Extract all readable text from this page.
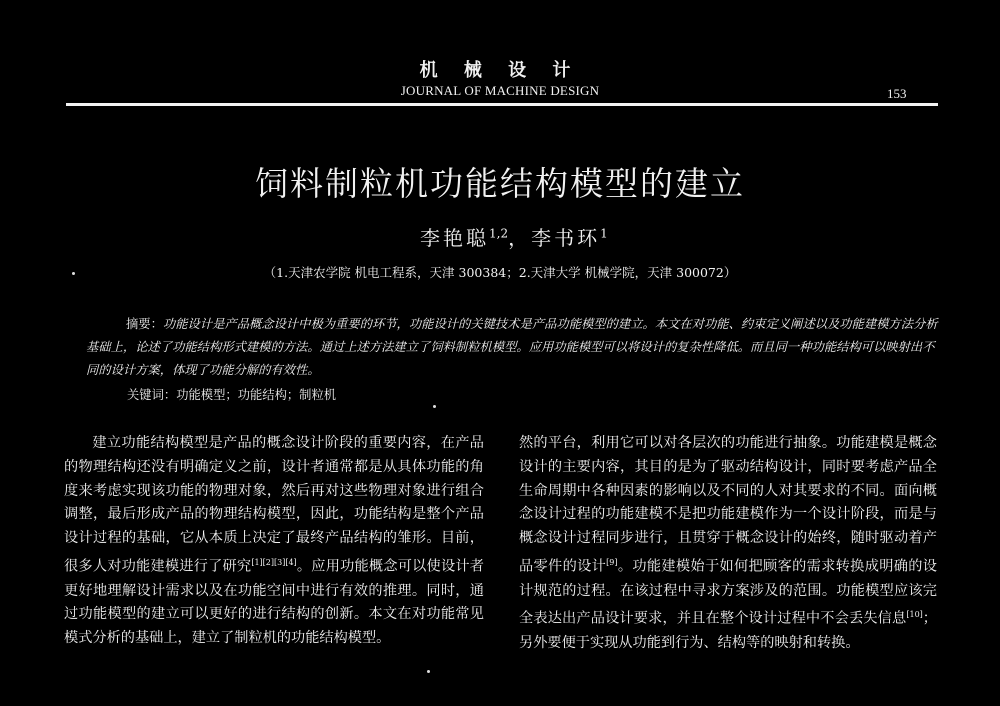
机 械 设 计
JOURNAL OF MACHINE DESIGN	153
饲料制粒机功能结构模型的建立
李艳聪$^{1,2}$，李书环$^1$
（1.天津农学院 机电工程系，天津 300384；2.天津大学 机械学院，天津 300072）
摘要：功能设计是产品概念设计中极为重要的环节，功能设计的关键技术是产品功能模型的建立。本文在对功能、约束定义阐述以及功能建模方法分析基础上，论述了功能结构形式建模的方法。通过上述方法建立了饲料制粒机模型。应用功能模型可以将设计的复杂性降低。而且同一种功能结构可以映射出不同的设计方案，体现了功能分解的有效性。
关键词：功能模型；功能结构；制粒机
建立功能结构模型是产品的概念设计阶段的重要内容，在产品的物理结构还没有明确定义之前，设计者通常都是从具体功能的角度来考虑实现该功能的物理对象，然后再对这些物理对象进行组合调整，最后形成产品的物理结构模型，因此，功能结构是整个产品设计过程的基础，它从本质上决定了最终产品结构的雏形。目前，很多人对功能建模进行了研究[1][2][3][4]。应用功能概念可以使设计者更好地理解设计需求以及在功能空间中进行有效的推理。同时，通过功能模型的建立可以更好的进行结构的创新。本文在对功能常见模式分析的基础上，建立了制粒机的功能结构模型。
然的平台，利用它可以对各层次的功能进行抽象。功能建模是概念设计的主要内容，其目的是为了驱动结构设计，同时要考虑产品全生命周期中各种因素的影响以及不同的人对其要求的不同。面向概念设计过程的功能建模不是把功能建模作为一个设计阶段，而是与概念设计过程同步进行，且贯穿于概念设计的始终，随时驱动着产品零件的设计[9]。功能建模始于如何把顾客的需求转换成明确的设计规范的过程。在该过程中寻求方案涉及的范围。功能模型应该完全表达出产品设计要求，并且在整个设计过程中不会丢失信息[10]；另外要便于实现从功能到行为、结构等的映射和转换。
